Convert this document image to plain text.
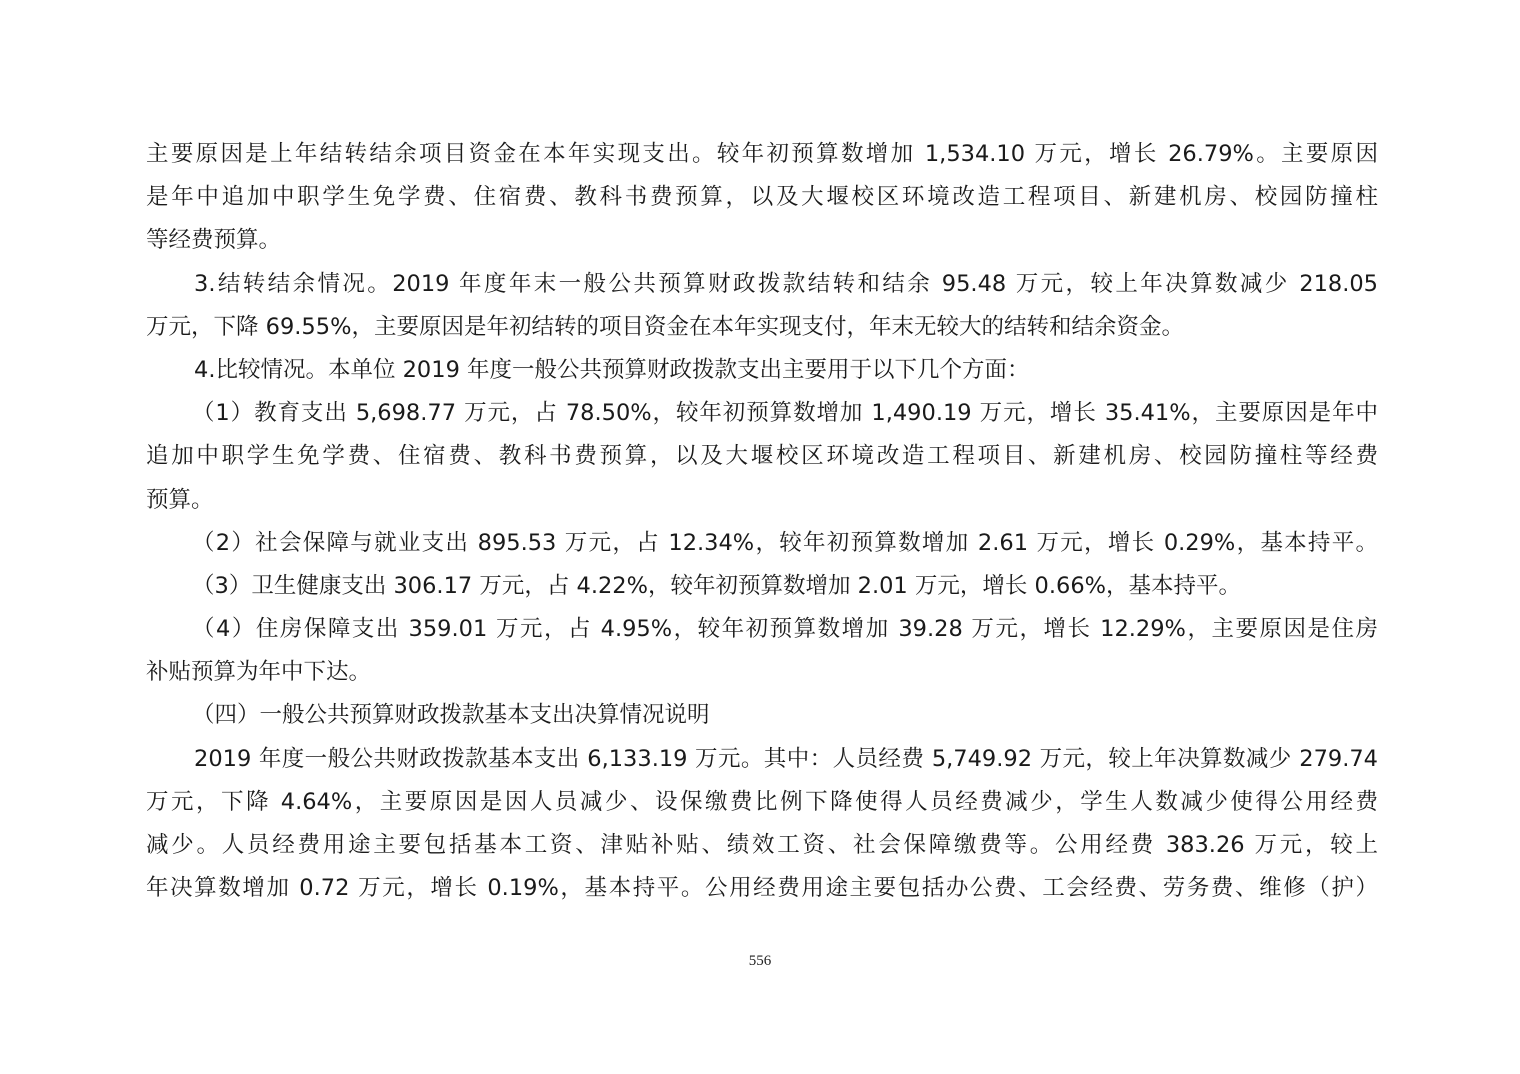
主要原因是上年结转结余项目资金在本年实现支出。较年初预算数增加 1,534.10 万元，增长 26.79%。主要原因
是年中追加中职学生免学费、住宿费、教科书费预算，以及大堰校区环境改造工程项目、新建机房、校园防撞柱
等经费预算。
3.结转结余情况。2019 年度年末一般公共预算财政拨款结转和结余 95.48 万元，较上年决算数减少 218.05
万元，下降 69.55%，主要原因是年初结转的项目资金在本年实现支付，年末无较大的结转和结余资金。
4.比较情况。本单位 2019 年度一般公共预算财政拨款支出主要用于以下几个方面：
（1）教育支出 5,698.77 万元，占 78.50%，较年初预算数增加 1,490.19 万元，增长 35.41%，主要原因是年中
追加中职学生免学费、住宿费、教科书费预算，以及大堰校区环境改造工程项目、新建机房、校园防撞柱等经费
预算。
（2）社会保障与就业支出 895.53 万元，占 12.34%，较年初预算数增加 2.61 万元，增长 0.29%，基本持平。
（3）卫生健康支出 306.17 万元，占 4.22%，较年初预算数增加 2.01 万元，增长 0.66%，基本持平。
（4）住房保障支出 359.01 万元，占 4.95%，较年初预算数增加 39.28 万元，增长 12.29%，主要原因是住房
补贴预算为年中下达。
（四）一般公共预算财政拨款基本支出决算情况说明
2019 年度一般公共财政拨款基本支出 6,133.19 万元。其中：人员经费 5,749.92 万元，较上年决算数减少 279.74
万元，下降 4.64%，主要原因是因人员减少、设保缴费比例下降使得人员经费减少，学生人数减少使得公用经费
减少。人员经费用途主要包括基本工资、津贴补贴、绩效工资、社会保障缴费等。公用经费 383.26 万元，较上
年决算数增加 0.72 万元，增长 0.19%，基本持平。公用经费用途主要包括办公费、工会经费、劳务费、维修（护）
556
